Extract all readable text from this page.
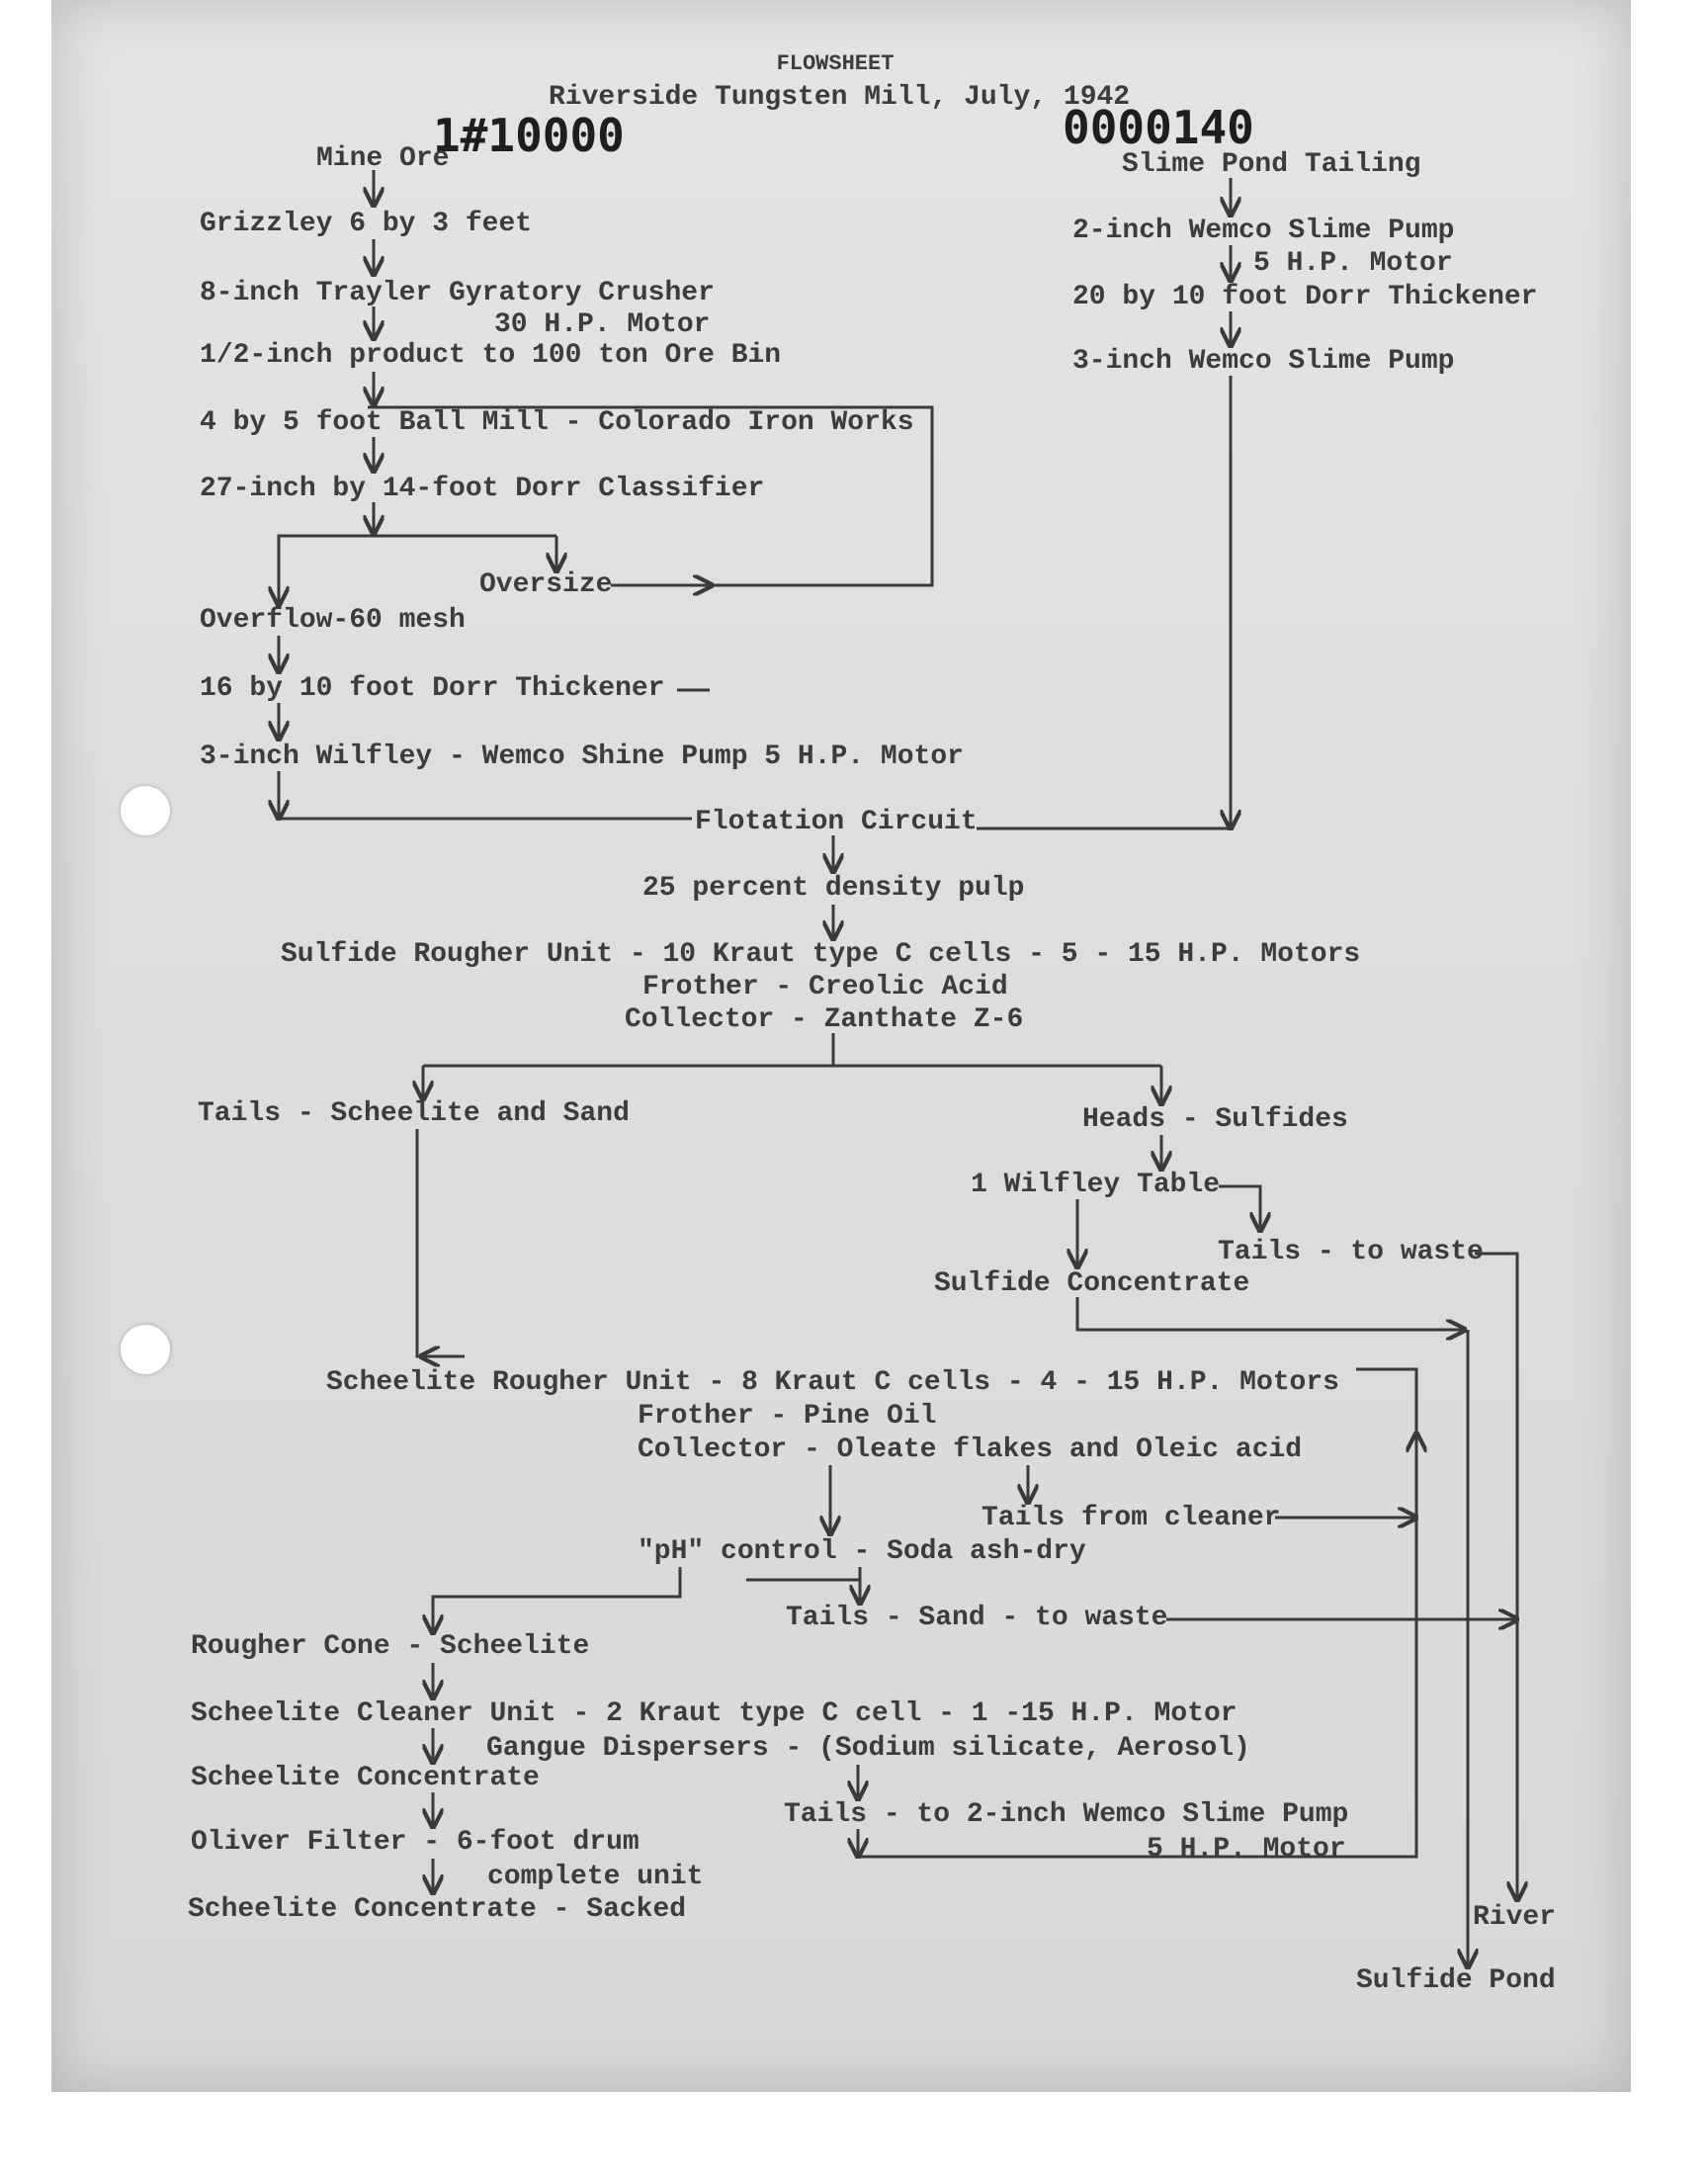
FLOWSHEET
Riverside Tungsten Mill, July, 1942
1#10000	0000140
Mine Ore
Grizzley 6 by 3 feet
8-inch Trayler Gyratory Crusher
30 H.P. Motor
1/2-inch product to 100 ton Ore Bin
4 by 5 foot Ball Mill - Colorado Iron Works
27-inch by 14-foot Dorr Classifier
Oversize
Overflow-60 mesh
16 by 10 foot Dorr Thickener
3-inch Wilfley - Wemco Shine Pump 5 H.P. Motor
Slime Pond Tailing
2-inch Wemco Slime Pump
5 H.P. Motor
20 by 10 foot Dorr Thickener
3-inch Wemco Slime Pump
Flotation Circuit
25 percent density pulp
Sulfide Rougher Unit - 10 Kraut type C cells - 5 - 15 H.P. Motors
Frother - Creolic Acid
Collector - Zanthate Z-6
Tails - Scheelite and Sand	Heads - Sulfides
1 Wilfley Table
Tails - to waste
Sulfide Concentrate
Scheelite Rougher Unit - 8 Kraut C cells - 4 - 15 H.P. Motors
Frother - Pine Oil
Collector - Oleate flakes and Oleic acid
Tails from cleaner
"pH" control - Soda ash-dry
Tails - Sand - to waste
Rougher Cone - Scheelite
Scheelite Cleaner Unit - 2 Kraut type C cell - 1 -15 H.P. Motor
Gangue Dispersers - (Sodium silicate, Aerosol)
Scheelite Concentrate
Tails - to 2-inch Wemco Slime Pump
5 H.P. Motor
Oliver Filter - 6-foot drum
complete unit
Scheelite Concentrate - Sacked	River
Sulfide Pond
